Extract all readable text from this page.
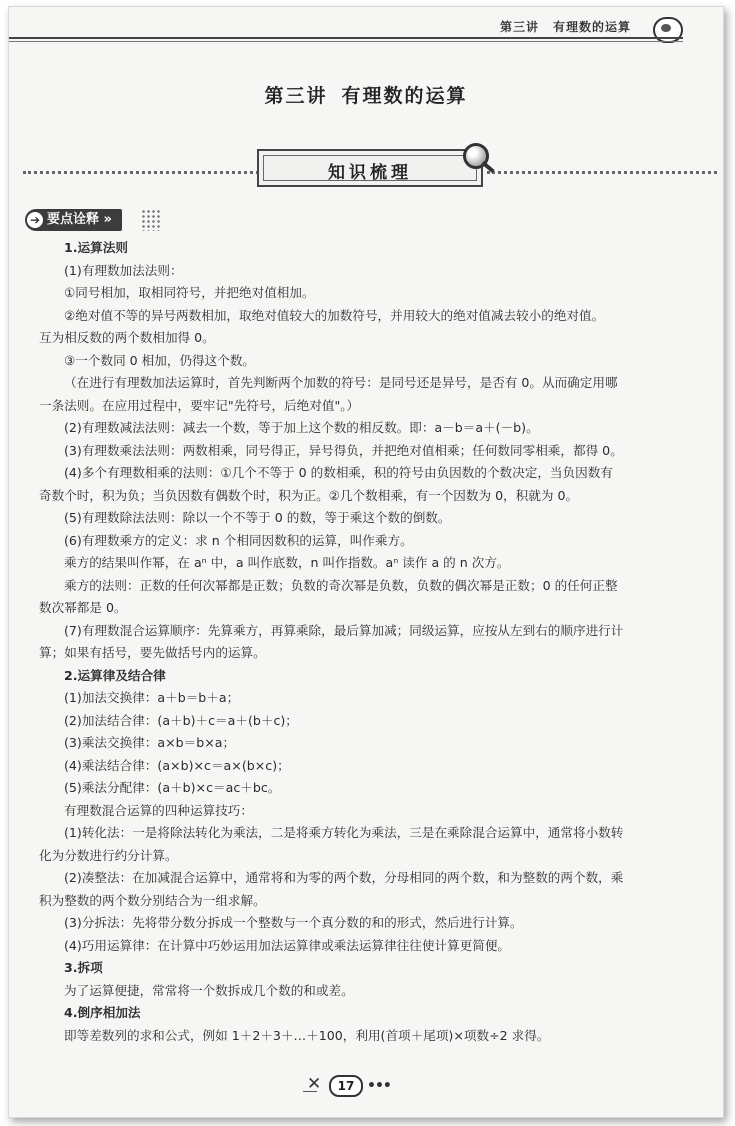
第三讲 有理数的运算
第三讲 有理数的运算
知识梳理
➔ 要点诠释 »

1.运算法则

(1)有理数加法法则：

①同号相加，取相同符号，并把绝对值相加。

②绝对值不等的异号两数相加，取绝对值较大的加数符号，并用较大的绝对值减去较小的绝对值。

互为相反数的两个数相加得 0。

③一个数同 0 相加，仍得这个数。

（在进行有理数加法运算时，首先判断两个加数的符号：是同号还是异号，是否有 0。从而确定用哪

一条法则。在应用过程中，要牢记"先符号，后绝对值"。）

(2)有理数减法法则：减去一个数，等于加上这个数的相反数。即：a－b＝a＋(－b)。

(3)有理数乘法法则：两数相乘，同号得正，异号得负，并把绝对值相乘；任何数同零相乘，都得 0。

(4)多个有理数相乘的法则：①几个不等于 0 的数相乘，积的符号由负因数的个数决定，当负因数有

奇数个时，积为负；当负因数有偶数个时，积为正。②几个数相乘，有一个因数为 0，积就为 0。

(5)有理数除法法则：除以一个不等于 0 的数，等于乘这个数的倒数。

(6)有理数乘方的定义：求 n 个相同因数积的运算，叫作乘方。

乘方的结果叫作幂，在 aⁿ 中，a 叫作底数，n 叫作指数。aⁿ 读作 a 的 n 次方。

乘方的法则：正数的任何次幂都是正数；负数的奇次幂是负数，负数的偶次幂是正数；0 的任何正整

数次幂都是 0。

(7)有理数混合运算顺序：先算乘方，再算乘除，最后算加减；同级运算，应按从左到右的顺序进行计

算；如果有括号，要先做括号内的运算。

2.运算律及结合律

(1)加法交换律：a＋b＝b＋a；

(2)加法结合律：(a＋b)＋c＝a＋(b＋c)；

(3)乘法交换律：a×b＝b×a；

(4)乘法结合律：(a×b)×c＝a×(b×c)；

(5)乘法分配律：(a＋b)×c＝ac＋bc。

有理数混合运算的四种运算技巧：

(1)转化法：一是将除法转化为乘法，二是将乘方转化为乘法，三是在乘除混合运算中，通常将小数转

化为分数进行约分计算。

(2)凑整法：在加减混合运算中，通常将和为零的两个数，分母相同的两个数，和为整数的两个数，乘

积为整数的两个数分别结合为一组求解。

(3)分拆法：先将带分数分拆成一个整数与一个真分数的和的形式，然后进行计算。

(4)巧用运算律：在计算中巧妙运用加法运算律或乘法运算律往往使计算更简便。

3.拆项

为了运算便捷，常常将一个数拆成几个数的和或差。

4.倒序相加法

即等差数列的求和公式，例如 1＋2＋3＋…＋100，利用(首项＋尾项)×项数÷2 求得。

✕
17 •••
